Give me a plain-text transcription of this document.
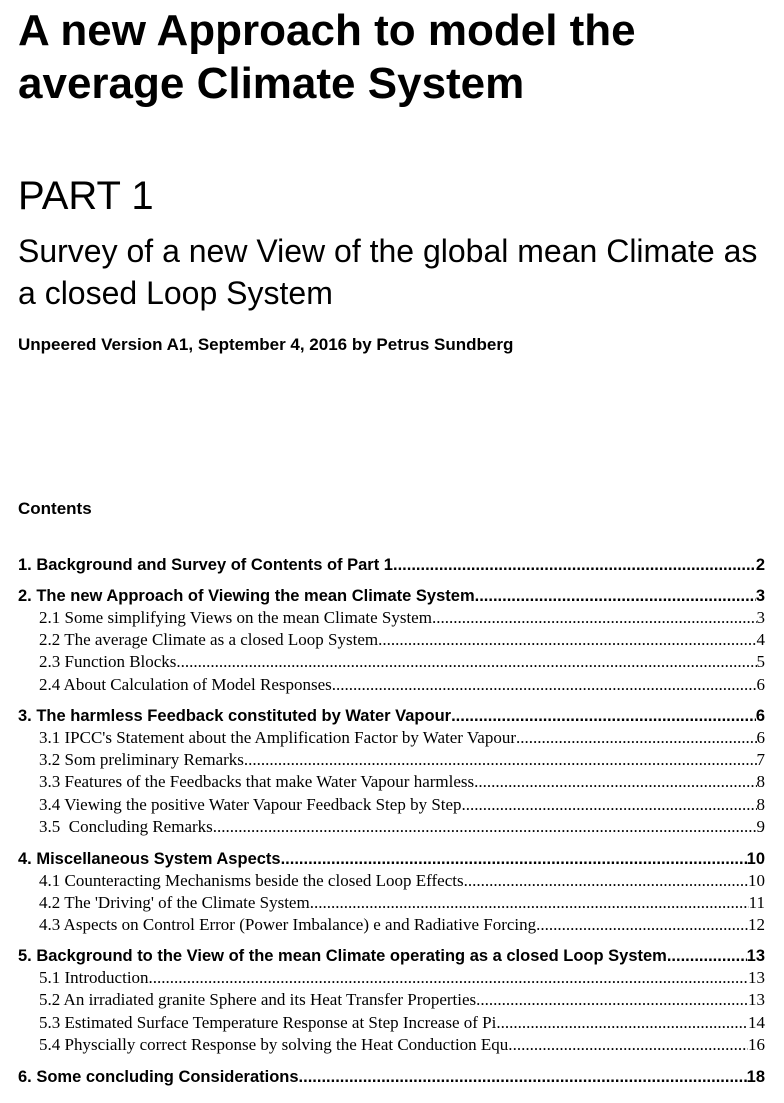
A new Approach to model the average Climate System
PART 1
Survey of a new View of the global mean Climate as a closed Loop System

Unpeered Version A1, September 4, 2016 by Petrus Sundberg

Contents
1. Background and Survey of Contents of Part 1 .....	2
2. The new Approach of Viewing the mean Climate System .....	3
2.1 Some simplifying Views on the mean Climate System .....	3
2.2 The average Climate as a closed Loop System .....	4
2.3 Function Blocks .....	5
2.4 About Calculation of Model Responses .....	6
3. The harmless Feedback constituted by Water Vapour .....	6
3.1 IPCC's Statement about the Amplification Factor by Water Vapour .....	6
3.2 Som preliminary Remarks .....	7
3.3 Features of the Feedbacks that make Water Vapour harmless .....	8
3.4 Viewing the positive Water Vapour Feedback Step by Step .....	8
3.5  Concluding Remarks .....	9
4. Miscellaneous System Aspects .....	10
4.1 Counteracting Mechanisms beside the closed Loop Effects .....	10
4.2 The 'Driving' of the Climate System .....	11
4.3 Aspects on Control Error (Power Imbalance) e and Radiative Forcing .....	12
5. Background to the View of the mean Climate operating as a closed Loop System .....	13
5.1 Introduction .....	13
5.2 An irradiated granite Sphere and its Heat Transfer Properties .....	13
5.3 Estimated Surface Temperature Response at Step Increase of Pi .....	14
5.4 Physcially correct Response by solving the Heat Conduction Equ. .....	16
6. Some concluding Considerations .....	18
